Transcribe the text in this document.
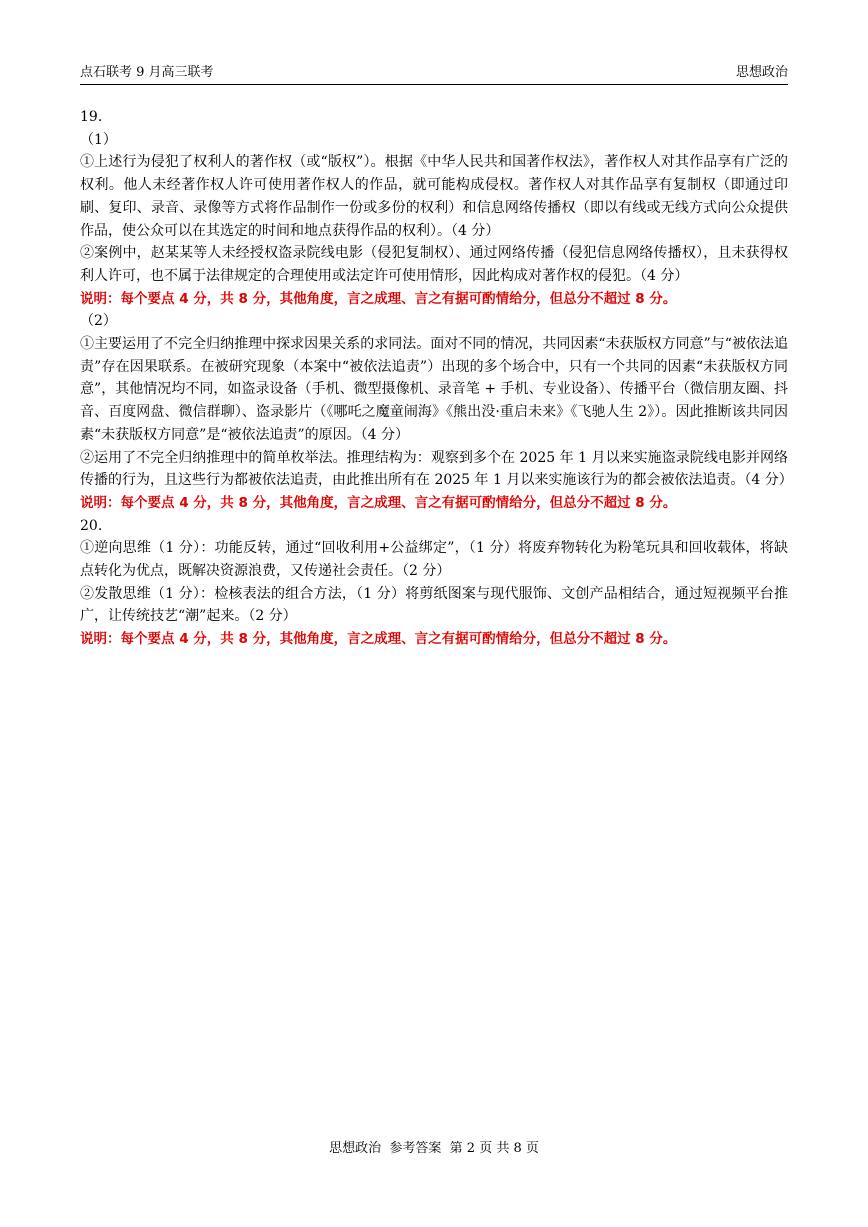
点石联考 9 月高三联考	思想政治

19.

（1）

①上述行为侵犯了权利人的著作权（或“版权”）。根据《中华人民共和国著作权法》，著作权人对其作品享有广泛的权利。他人未经著作权人许可使用著作权人的作品，就可能构成侵权。著作权人对其作品享有复制权（即通过印刷、复印、录音、录像等方式将作品制作一份或多份的权利）和信息网络传播权（即以有线或无线方式向公众提供作品，使公众可以在其选定的时间和地点获得作品的权利）。（4 分）

②案例中，赵某某等人未经授权盗录院线电影（侵犯复制权）、通过网络传播（侵犯信息网络传播权），且未获得权利人许可，也不属于法律规定的合理使用或法定许可使用情形，因此构成对著作权的侵犯。（4 分）

说明：每个要点 4 分，共 8 分，其他角度，言之成理、言之有据可酌情给分，但总分不超过 8 分。

（2）

①主要运用了不完全归纳推理中探求因果关系的求同法。面对不同的情况，共同因素“未获版权方同意”与“被依法追责”存在因果联系。在被研究现象（本案中“被依法追责”）出现的多个场合中，只有一个共同的因素“未获版权方同意”，其他情况均不同，如盗录设备（手机、微型摄像机、录音笔 + 手机、专业设备）、传播平台（微信朋友圈、抖音、百度网盘、微信群聊）、盗录影片（《哪吒之魔童闹海》《熊出没·重启未来》《飞驰人生 2》）。因此推断该共同因素“未获版权方同意”是“被依法追责”的原因。（4 分）

②运用了不完全归纳推理中的简单枚举法。推理结构为：观察到多个在 2025 年 1 月以来实施盗录院线电影并网络传播的行为，且这些行为都被依法追责，由此推出所有在 2025 年 1 月以来实施该行为的都会被依法追责。（4 分）

说明：每个要点 4 分，共 8 分，其他角度，言之成理、言之有据可酌情给分，但总分不超过 8 分。

20.

①逆向思维（1 分）：功能反转，通过“回收利用+公益绑定”，（1 分）将废弃物转化为粉笔玩具和回收载体，将缺点转化为优点，既解决资源浪费，又传递社会责任。（2 分）

②发散思维（1 分）：检核表法的组合方法，（1 分）将剪纸图案与现代服饰、文创产品相结合，通过短视频平台推广，让传统技艺“潮”起来。（2 分）

说明：每个要点 4 分，共 8 分，其他角度，言之成理、言之有据可酌情给分，但总分不超过 8 分。

思想政治  参考答案  第 2 页 共 8 页
